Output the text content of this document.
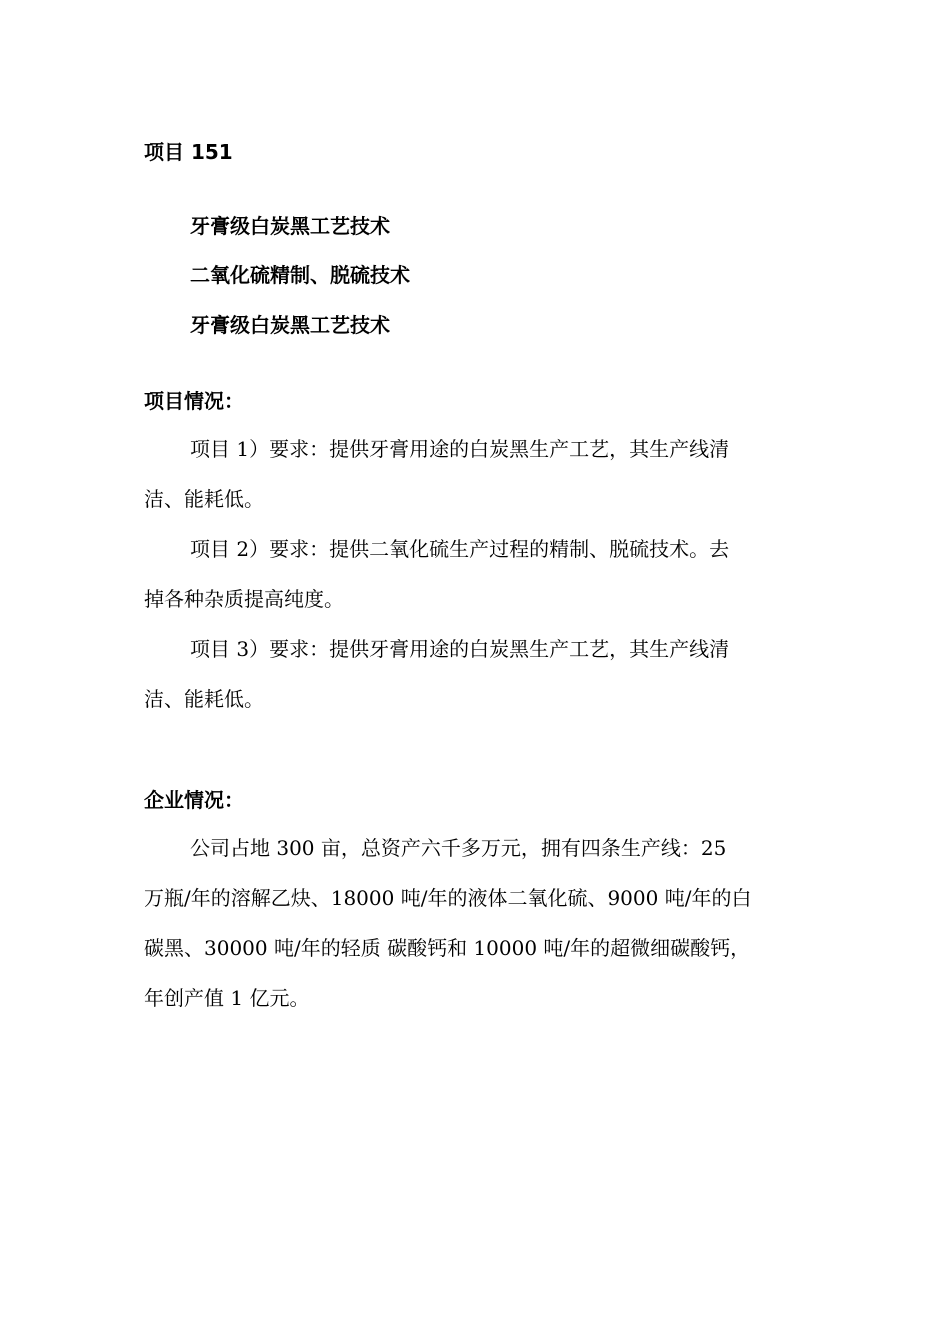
项目 151
牙膏级白炭黑工艺技术
二氧化硫精制、脱硫技术
牙膏级白炭黑工艺技术
项目情况：
项目 1）要求：提供牙膏用途的白炭黑生产工艺，其生产线清
洁、能耗低。
项目 2）要求：提供二氧化硫生产过程的精制、脱硫技术。去
掉各种杂质提高纯度。
项目 3）要求：提供牙膏用途的白炭黑生产工艺，其生产线清
洁、能耗低。
企业情况：
公司占地 300 亩，总资产六千多万元，拥有四条生产线：25
万瓶/年的溶解乙炔、18000 吨/年的液体二氧化硫、9000 吨/年的白
碳黑、30000 吨/年的轻质 碳酸钙和 10000 吨/年的超微细碳酸钙，
年创产值 1 亿元。
